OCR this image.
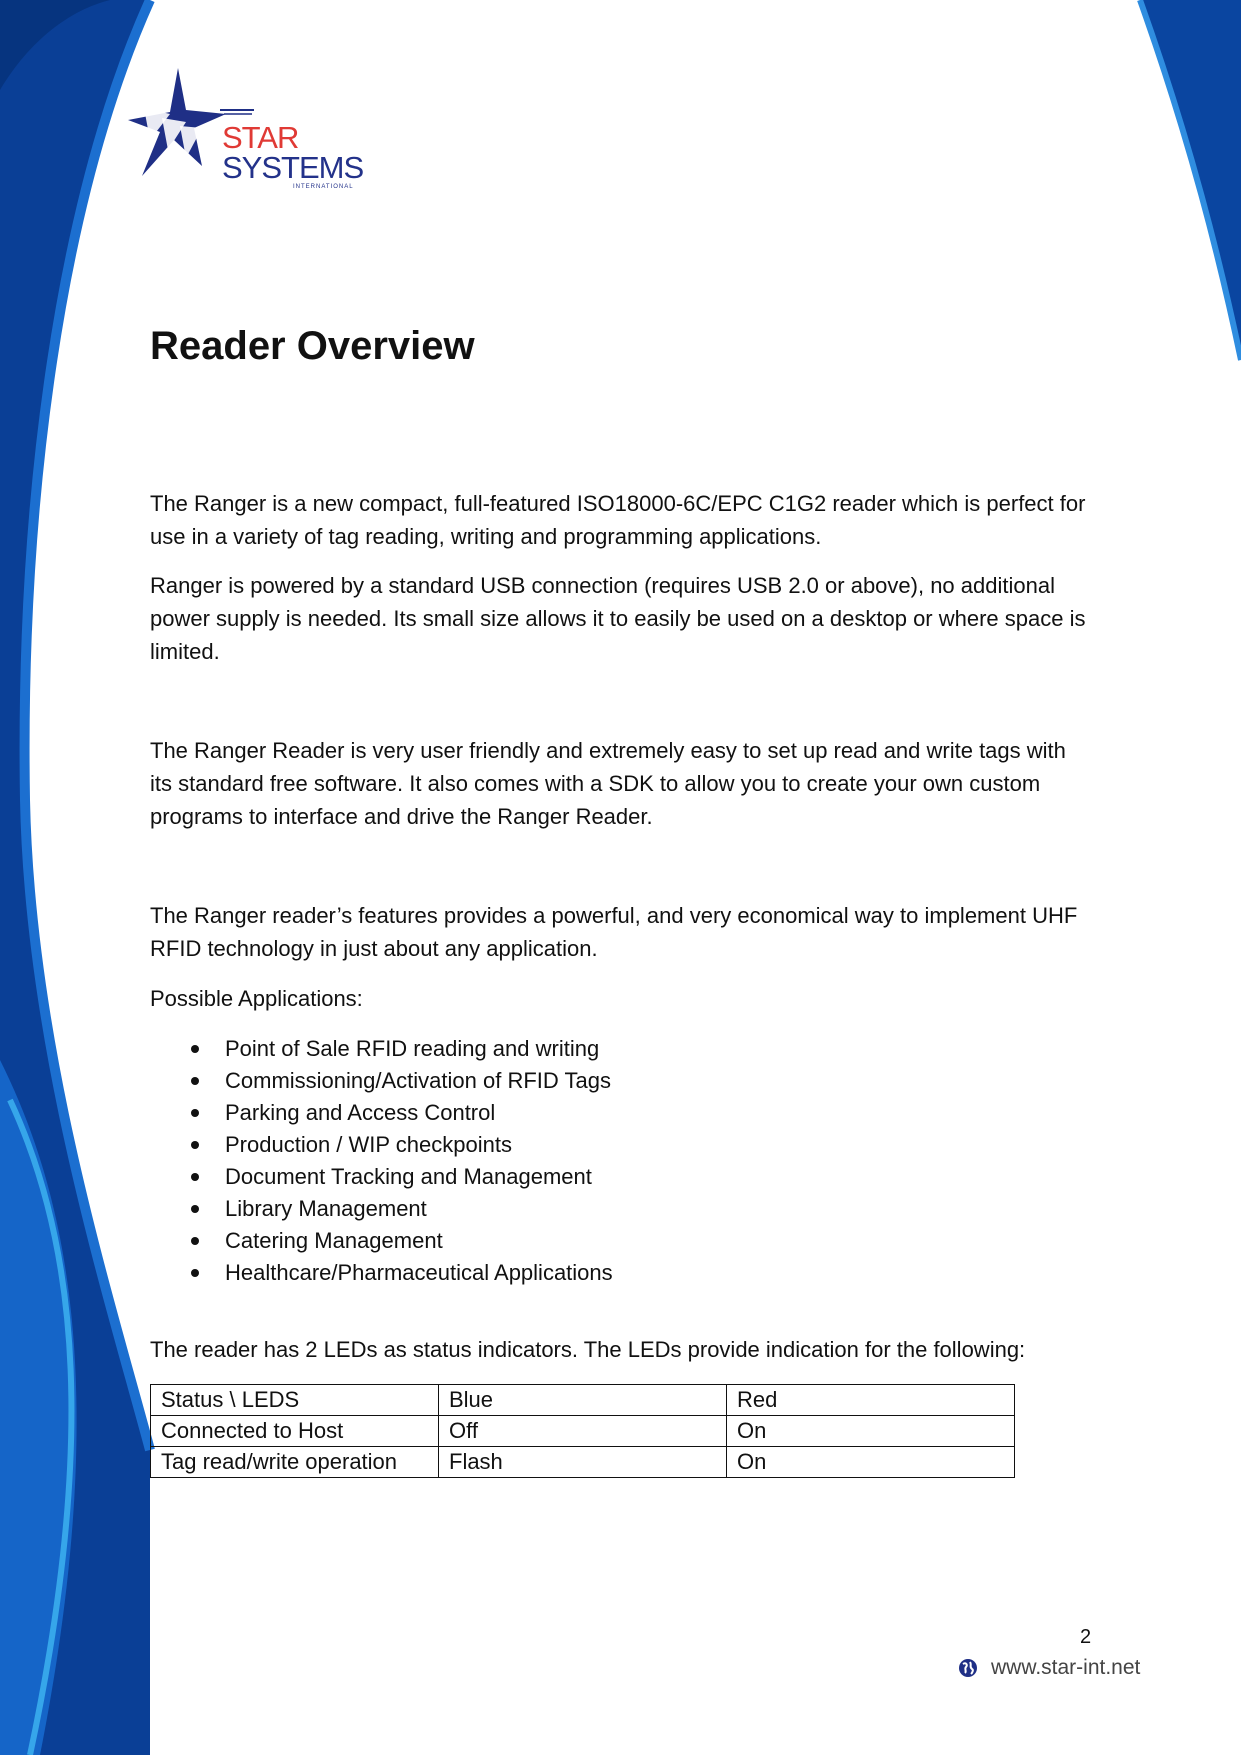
STAR
SYSTEMS
INTERNATIONAL
Reader Overview

The Ranger is a new compact, full-featured ISO18000-6C/EPC C1G2 reader which is perfect for use in a variety of tag reading, writing and programming applications.

Ranger is powered by a standard USB connection (requires USB 2.0 or above), no additional power supply is needed. Its small size allows it to easily be used on a desktop or where space is limited.

The Ranger Reader is very user friendly and extremely easy to set up read and write tags with its standard free software. It also comes with a SDK to allow you to create your own custom programs to interface and drive the Ranger Reader.

The Ranger reader’s features provides a powerful, and very economical way to implement UHF RFID technology in just about any application.

Possible Applications:

Point of Sale RFID reading and writing
Commissioning/Activation of RFID Tags
Parking and Access Control
Production / WIP checkpoints
Document Tracking and Management
Library Management
Catering Management
Healthcare/Pharmaceutical Applications

The reader has 2 LEDs as status indicators. The LEDs provide indication for the following:

Status \ LEDS	Blue	Red
Connected to Host	Off	On
Tag read/write operation	Flash	On
2
www.star-int.net
